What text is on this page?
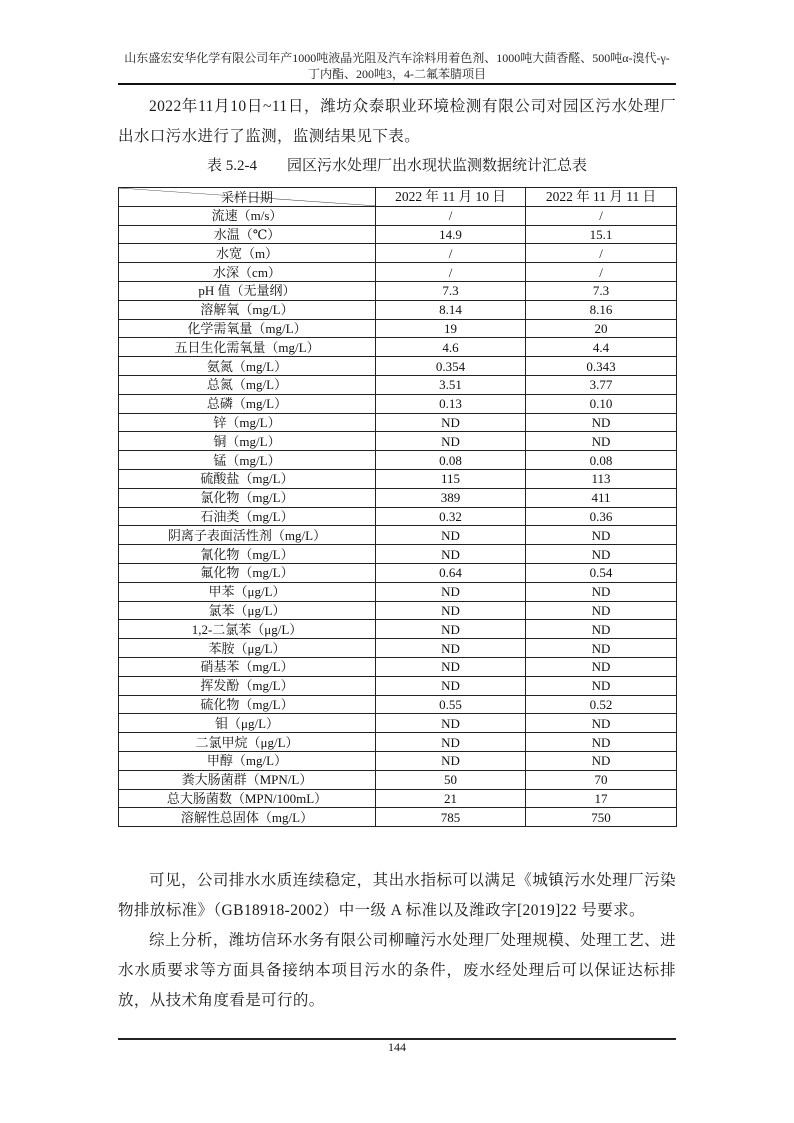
山东盛宏安华化学有限公司年产1000吨液晶光阻及汽车涂料用着色剂、1000吨大茴香醛、500吨α-溴代-γ-
丁内酯、200吨3，4-二氟苯腈项目

2022年11月10日~11日，潍坊众泰职业环境检测有限公司对园区污水处理厂出水口污水进行了监测，监测结果见下表。

表 5.2-4 园区污水处理厂出水现状监测数据统计汇总表
采样日期	2022 年 11 月 10 日	2022 年 11 月 11 日
流速（m/s）	/	/
水温（℃）	14.9	15.1
水宽（m）	/	/
水深（cm）	/	/
pH 值（无量纲）	7.3	7.3
溶解氧（mg/L）	8.14	8.16
化学需氧量（mg/L）	19	20
五日生化需氧量（mg/L）	4.6	4.4
氨氮（mg/L）	0.354	0.343
总氮（mg/L）	3.51	3.77
总磷（mg/L）	0.13	0.10
锌（mg/L）	ND	ND
铜（mg/L）	ND	ND
锰（mg/L）	0.08	0.08
硫酸盐（mg/L）	115	113
氯化物（mg/L）	389	411
石油类（mg/L）	0.32	0.36
阴离子表面活性剂（mg/L）	ND	ND
氰化物（mg/L）	ND	ND
氟化物（mg/L）	0.64	0.54
甲苯（μg/L）	ND	ND
氯苯（μg/L）	ND	ND
1,2-二氯苯（μg/L）	ND	ND
苯胺（μg/L）	ND	ND
硝基苯（mg/L）	ND	ND
挥发酚（mg/L）	ND	ND
硫化物（mg/L）	0.55	0.52
钼（μg/L）	ND	ND
二氯甲烷（μg/L）	ND	ND
甲醇（mg/L）	ND	ND
粪大肠菌群（MPN/L）	50	70
总大肠菌数（MPN/100mL）	21	17
溶解性总固体（mg/L）	785	750

可见，公司排水水质连续稳定，其出水指标可以满足《城镇污水处理厂污染物排放标准》（GB18918-2002）中一级 A 标准以及潍政字[2019]22 号要求。

综上分析，潍坊信环水务有限公司柳疃污水处理厂处理规模、处理工艺、进水水质要求等方面具备接纳本项目污水的条件，废水经处理后可以保证达标排放，从技术角度看是可行的。

144
